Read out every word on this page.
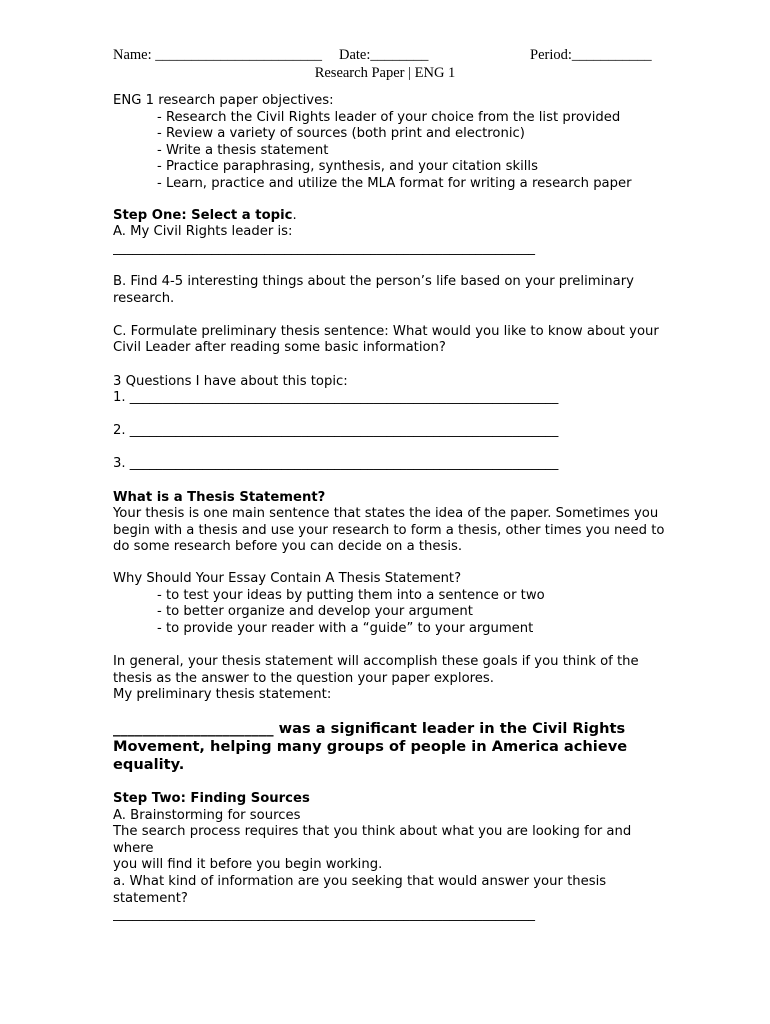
Name: _______________________ Date:________	Period:___________
Research Paper | ENG 1

ENG 1 research paper objectives:

- Research the Civil Rights leader of your choice from the list provided
- Review a variety of sources (both print and electronic)
- Write a thesis statement
- Practice paraphrasing, synthesis, and your citation skills
- Learn, practice and utilize the MLA format for writing a research paper

Step One: Select a topic.

A. My Civil Rights leader is:

________________________________________________________________

B. Find 4-5 interesting things about the person’s life based on your preliminary research.

C. Formulate preliminary thesis sentence: What would you like to know about your Civil Leader after reading some basic information?

3 Questions I have about this topic:

1. _________________________________________________________________

2. _________________________________________________________________

3. _________________________________________________________________

What is a Thesis Statement?

Your thesis is one main sentence that states the idea of the paper. Sometimes you begin with a thesis and use your research to form a thesis, other times you need to do some research before you can decide on a thesis.

Why Should Your Essay Contain A Thesis Statement?

- to test your ideas by putting them into a sentence or two
- to better organize and develop your argument
- to provide your reader with a “guide” to your argument

In general, your thesis statement will accomplish these goals if you think of the thesis as the answer to the question your paper explores.

My preliminary thesis statement:

______________________ was a significant leader in the Civil Rights Movement, helping many groups of people in America achieve equality.

Step Two: Finding Sources

A. Brainstorming for sources

The search process requires that you think about what you are looking for and where

you will find it before you begin working.

a. What kind of information are you seeking that would answer your thesis statement?

________________________________________________________________
